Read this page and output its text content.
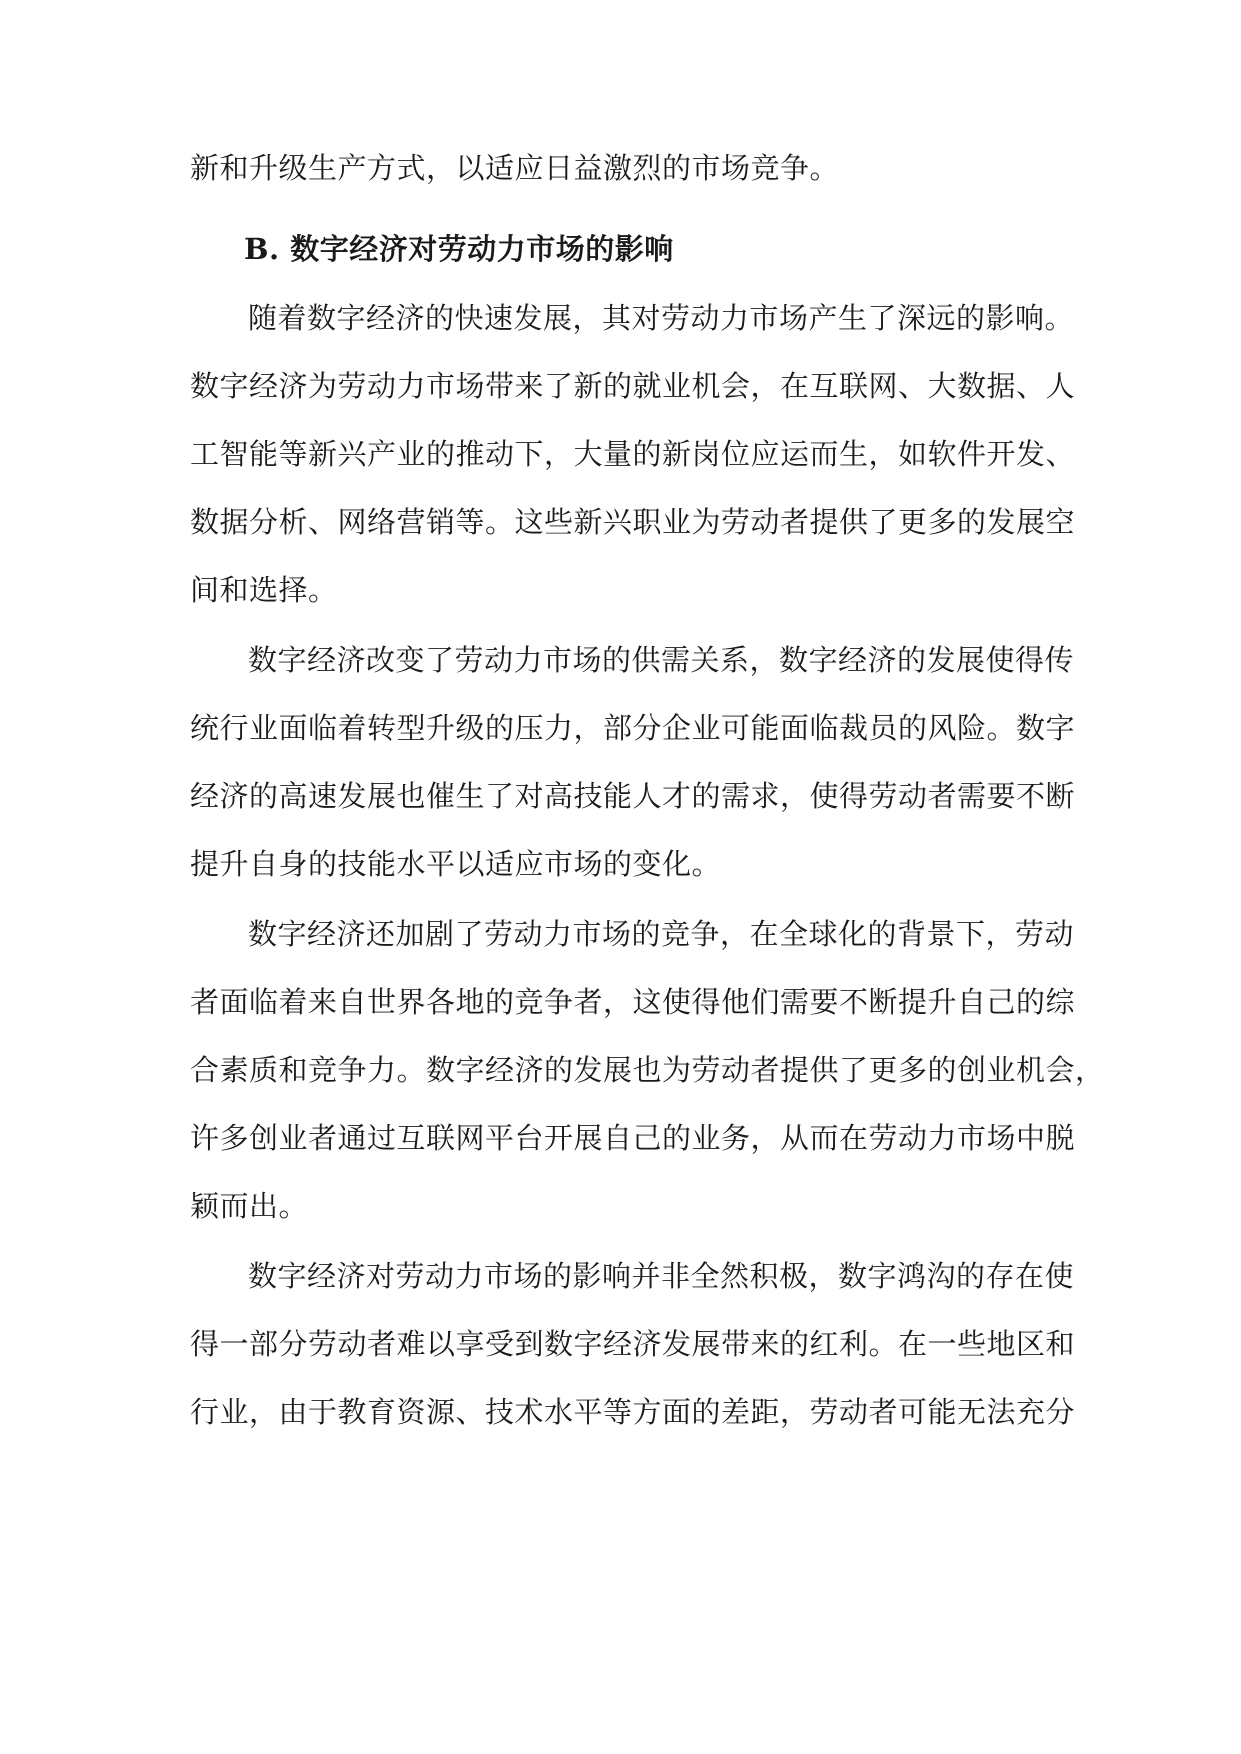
新和升级生产方式，以适应日益激烈的市场竞争。
B. 数字经济对劳动力市场的影响
随着数字经济的快速发展，其对劳动力市场产生了深远的影响。
数字经济为劳动力市场带来了新的就业机会，在互联网、大数据、人
工智能等新兴产业的推动下，大量的新岗位应运而生，如软件开发、
数据分析、网络营销等。这些新兴职业为劳动者提供了更多的发展空
间和选择。
数字经济改变了劳动力市场的供需关系，数字经济的发展使得传
统行业面临着转型升级的压力，部分企业可能面临裁员的风险。数字
经济的高速发展也催生了对高技能人才的需求，使得劳动者需要不断
提升自身的技能水平以适应市场的变化。
数字经济还加剧了劳动力市场的竞争，在全球化的背景下，劳动
者面临着来自世界各地的竞争者，这使得他们需要不断提升自己的综
合素质和竞争力。数字经济的发展也为劳动者提供了更多的创业机会，
许多创业者通过互联网平台开展自己的业务，从而在劳动力市场中脱
颖而出。
数字经济对劳动力市场的影响并非全然积极，数字鸿沟的存在使
得一部分劳动者难以享受到数字经济发展带来的红利。在一些地区和
行业，由于教育资源、技术水平等方面的差距，劳动者可能无法充分
